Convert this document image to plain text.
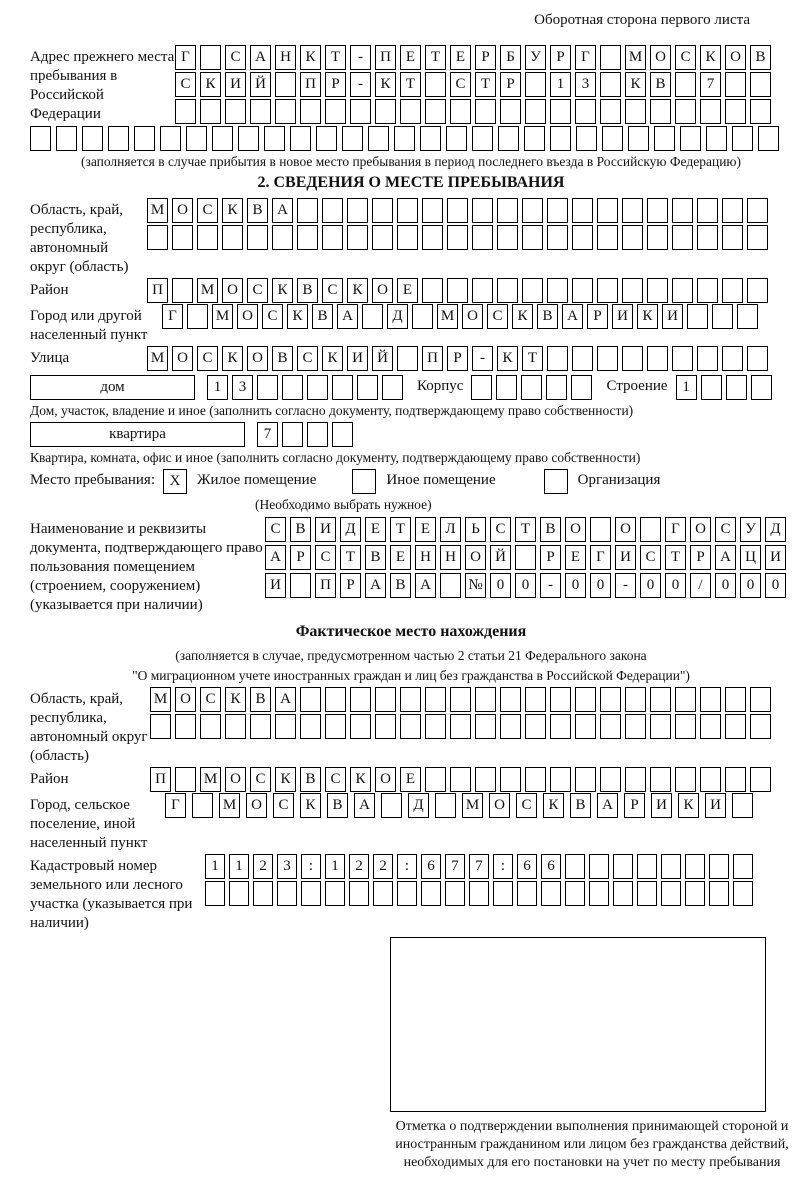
Оборотная сторона первого листа
Адрес прежнего места пребывания в Российской Федерации
Г	С А Н К	Т	-	П Е	Т	Е	Р	Б	У	Р	Г	М О С К О В
С К И Й	П	Р	-	К	Т	С	Т	Р	1	3	К В	7
(заполняется в случае прибытия в новое место пребывания в период последнего въезда в Российскую Федерацию)
2. СВЕДЕНИЯ О МЕСТЕ ПРЕБЫВАНИЯ
Область, край, республика, автономный округ (область)
М О С К В А
Район	П	М О С К В С К О Е
Город или другой населенный пункт
Г	М О С К В А	Д	М О С К В А	Р	И К И
Улица	М О С К О В С К И Й	П	Р	-	К	Т
дом	1	3	Корпус	Строение 1
Дом, участок, владение и иное (заполнить согласно документу, подтверждающему право собственности)
квартира	7
Квартира, комната, офис и иное (заполнить согласно документу, подтверждающему право собственности)
Место пребывания: X	Жилое помещение	Иное помещение	Организация
(Необходимо выбрать нужное)
Наименование и реквизиты документа, подтверждающего право пользования помещением (строением, сооружением) (указывается при наличии)
С В И Д	Е	Т	Е	Л	Ь	С	Т	В О	О	Г	О С У Д
А	Р	С	Т	В	Е	Н Н О Й	Р	Е	Г	И С	Т	Р	А Ц И
И	П	Р	А В А	№ 0	0	-	0	0	-	0	0	/	0	0	0
Фактическое место нахождения
(заполняется в случае, предусмотренном частью 2 статьи 21 Федерального закона
"О миграционном учете иностранных граждан и лиц без гражданства в Российской Федерации")
Область, край, республика, автономный округ (область)
М О С К В А
Район	П	М О С К В С К О Е
Город, сельское поселение, иной населенный пункт
Г	М О	С	К	В	А	Д	М О	С	К	В	А	Р	И	К	И
Кадастровый номер земельного или лесного участка (указывается при наличии)
1	1	2	3	:	1	2	2	:	6	7	7	:	6	6
Отметка о подтверждении выполнения принимающей стороной и иностранным гражданином или лицом без гражданства действий, необходимых для его постановки на учет по месту пребывания
